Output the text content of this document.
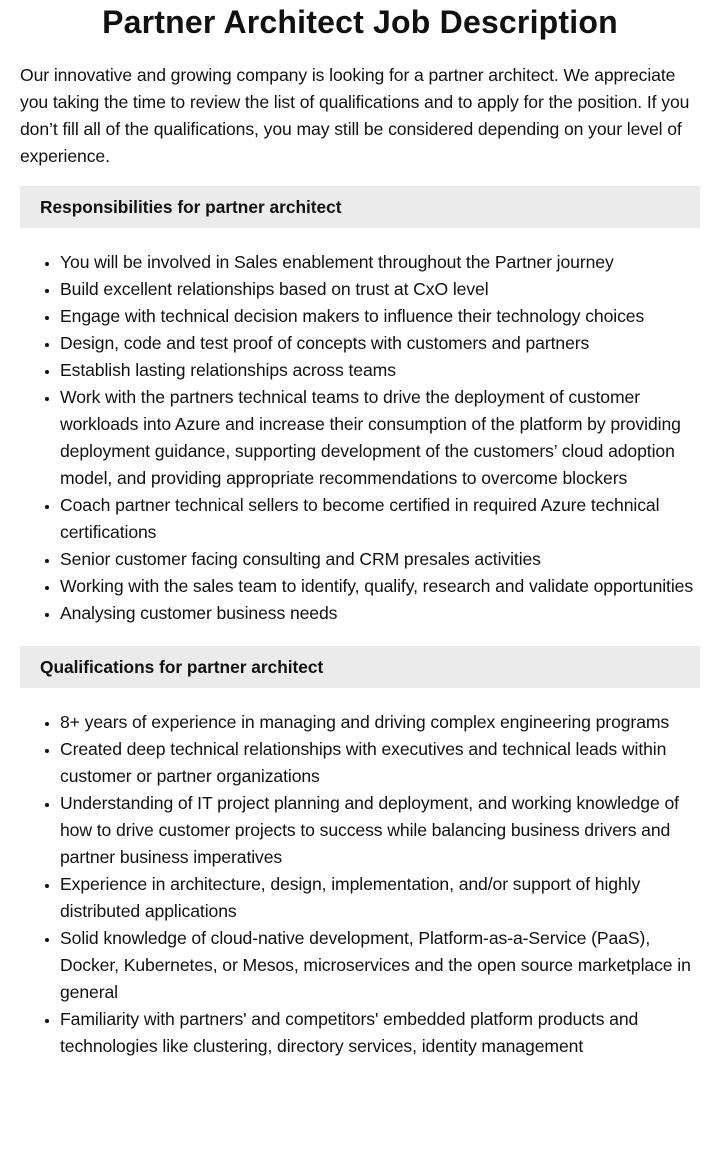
Partner Architect Job Description

Our innovative and growing company is looking for a partner architect. We appreciate you taking the time to review the list of qualifications and to apply for the position. If you don’t fill all of the qualifications, you may still be considered depending on your level of experience.

Responsibilities for partner architect
• You will be involved in Sales enablement throughout the Partner journey
• Build excellent relationships based on trust at CxO level
• Engage with technical decision makers to influence their technology choices
• Design, code and test proof of concepts with customers and partners
• Establish lasting relationships across teams
• Work with the partners technical teams to drive the deployment of customer workloads into Azure and increase their consumption of the platform by providing deployment guidance, supporting development of the customers’ cloud adoption model, and providing appropriate recommendations to overcome blockers
• Coach partner technical sellers to become certified in required Azure technical certifications
• Senior customer facing consulting and CRM presales activities
• Working with the sales team to identify, qualify, research and validate opportunities
• Analysing customer business needs
Qualifications for partner architect
• 8+ years of experience in managing and driving complex engineering programs
• Created deep technical relationships with executives and technical leads within customer or partner organizations
• Understanding of IT project planning and deployment, and working knowledge of how to drive customer projects to success while balancing business drivers and partner business imperatives
• Experience in architecture, design, implementation, and/or support of highly distributed applications
• Solid knowledge of cloud-native development, Platform-as-a-Service (PaaS), Docker, Kubernetes, or Mesos, microservices and the open source marketplace in general
• Familiarity with partners' and competitors' embedded platform products and technologies like clustering, directory services, identity management
